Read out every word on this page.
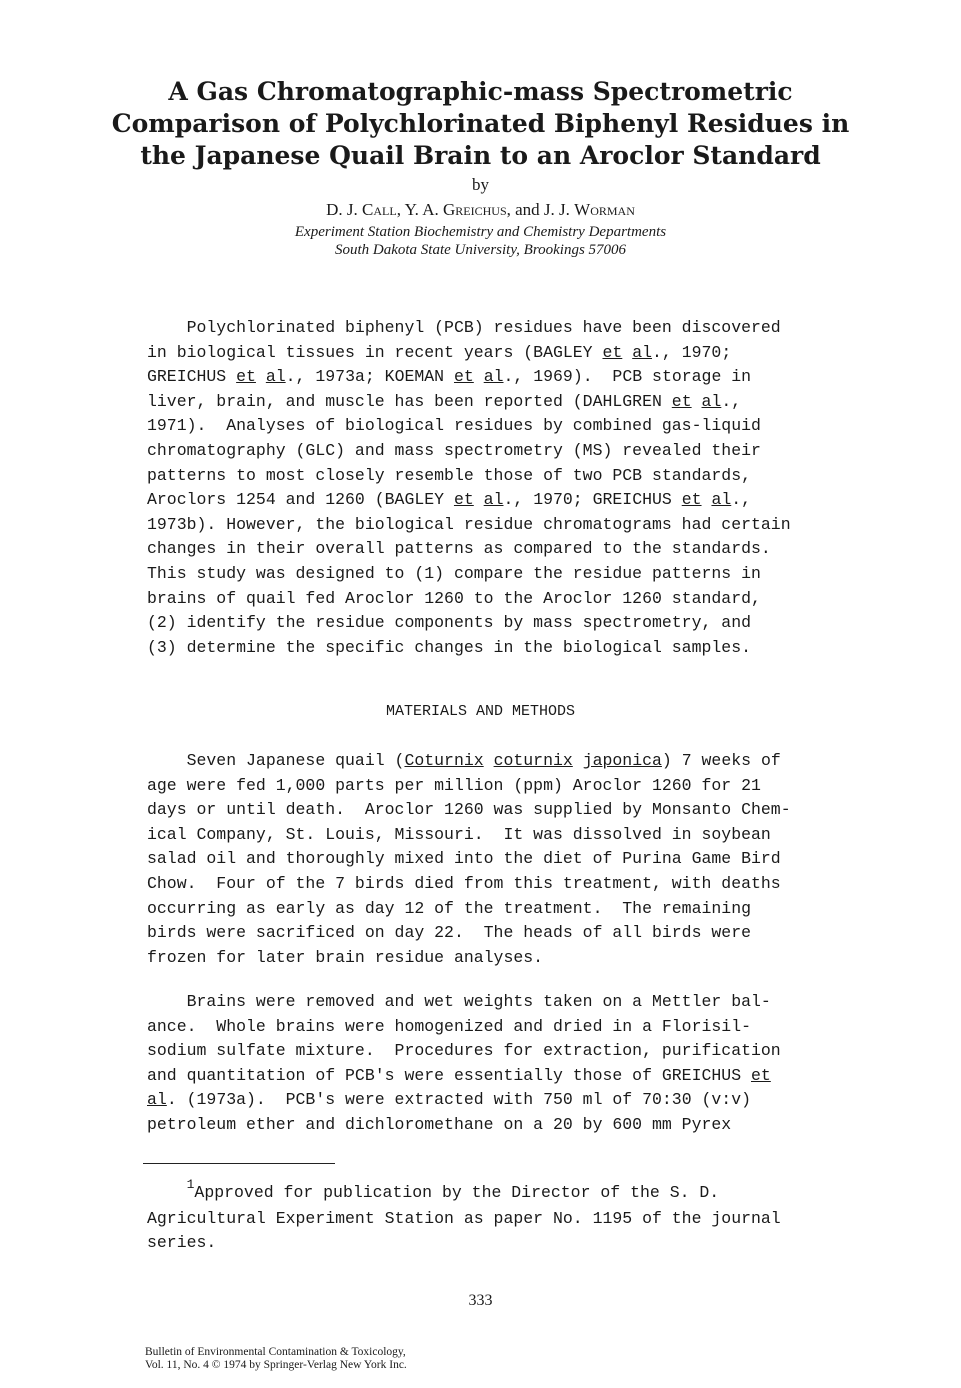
A Gas Chromatographic-mass Spectrometric Comparison of Polychlorinated Biphenyl Residues in the Japanese Quail Brain to an Aroclor Standard
by
D. J. Call, Y. A. Greichus, and J. J. Worman
Experiment Station Biochemistry and Chemistry Departments
South Dakota State University, Brookings 57006
Polychlorinated biphenyl (PCB) residues have been discovered
in biological tissues in recent years (BAGLEY et al., 1970;
GREICHUS et al., 1973a; KOEMAN et al., 1969).  PCB storage in
liver, brain, and muscle has been reported (DAHLGREN et al.,
1971).  Analyses of biological residues by combined gas-liquid
chromatography (GLC) and mass spectrometry (MS) revealed their
patterns to most closely resemble those of two PCB standards,
Aroclors 1254 and 1260 (BAGLEY et al., 1970; GREICHUS et al.,
1973b). However, the biological residue chromatograms had certain
changes in their overall patterns as compared to the standards.
This study was designed to (1) compare the residue patterns in
brains of quail fed Aroclor 1260 to the Aroclor 1260 standard,
(2) identify the residue components by mass spectrometry, and
(3) determine the specific changes in the biological samples.
MATERIALS AND METHODS
Seven Japanese quail (Coturnix coturnix japonica) 7 weeks of
age were fed 1,000 parts per million (ppm) Aroclor 1260 for 21
days or until death.  Aroclor 1260 was supplied by Monsanto Chem-
ical Company, St. Louis, Missouri.  It was dissolved in soybean
salad oil and thoroughly mixed into the diet of Purina Game Bird
Chow.  Four of the 7 birds died from this treatment, with deaths
occurring as early as day 12 of the treatment.  The remaining
birds were sacrificed on day 22.  The heads of all birds were
frozen for later brain residue analyses.
Brains were removed and wet weights taken on a Mettler bal-
ance.  Whole brains were homogenized and dried in a Florisil-
sodium sulfate mixture.  Procedures for extraction, purification
and quantitation of PCB's were essentially those of GREICHUS et
al. (1973a).  PCB's were extracted with 750 ml of 70:30 (v:v)
petroleum ether and dichloromethane on a 20 by 600 mm Pyrex
$^1$Approved for publication by the Director of the S. D.
Agricultural Experiment Station as paper No. 1195 of the journal
series.
333
Bulletin of Environmental Contamination & Toxicology,
Vol. 11, No. 4 © 1974 by Springer-Verlag New York Inc.
